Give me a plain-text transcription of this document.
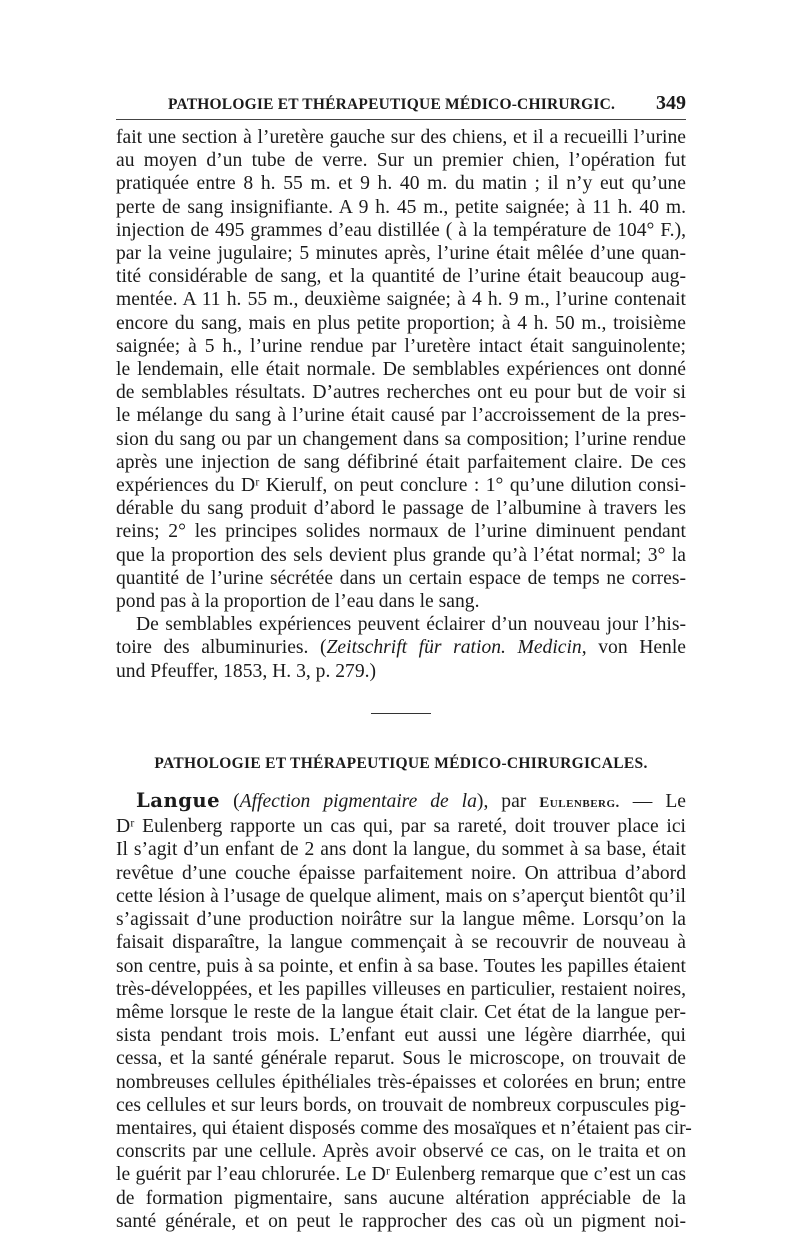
PATHOLOGIE ET THÉRAPEUTIQUE MÉDICO-CHIRURGIC. 349
fait une section à l’uretère gauche sur des chiens, et il a recueilli l’urine
au moyen d’un tube de verre. Sur un premier chien, l’opération fut
pratiquée entre 8 h. 55 m. et 9 h. 40 m. du matin ; il n’y eut qu’une
perte de sang insignifiante. A 9 h. 45 m., petite saignée; à 11 h. 40 m.
injection de 495 grammes d’eau distillée ( à la température de 104° F.),
par la veine jugulaire; 5 minutes après, l’urine était mêlée d’une quan-
tité considérable de sang, et la quantité de l’urine était beaucoup aug-
mentée. A 11 h. 55 m., deuxième saignée; à 4 h. 9 m., l’urine contenait
encore du sang, mais en plus petite proportion; à 4 h. 50 m., troisième
saignée; à 5 h., l’urine rendue par l’uretère intact était sanguinolente;
le lendemain, elle était normale. De semblables expériences ont donné
de semblables résultats. D’autres recherches ont eu pour but de voir si
le mélange du sang à l’urine était causé par l’accroissement de la pres-
sion du sang ou par un changement dans sa composition; l’urine rendue
après une injection de sang défibriné était parfaitement claire. De ces
expériences du Dʳ Kierulf, on peut conclure : 1° qu’une dilution consi-
dérable du sang produit d’abord le passage de l’albumine à travers les
reins; 2° les principes solides normaux de l’urine diminuent pendant
que la proportion des sels devient plus grande qu’à l’état normal; 3° la
quantité de l’urine sécrétée dans un certain espace de temps ne corres-
pond pas à la proportion de l’eau dans le sang.
De semblables expériences peuvent éclairer d’un nouveau jour l’his-
toire des albuminuries. (Zeitschrift für ration. Medicin, von Henle
und Pfeuffer, 1853, H. 3, p. 279.)
PATHOLOGIE ET THÉRAPEUTIQUE MÉDICO-CHIRURGICALES.
Langue (Affection pigmentaire de la), par Eulenberg. — Le
Dʳ Eulenberg rapporte un cas qui, par sa rareté, doit trouver place ici
Il s’agit d’un enfant de 2 ans dont la langue, du sommet à sa base, était
revêtue d’une couche épaisse parfaitement noire. On attribua d’abord
cette lésion à l’usage de quelque aliment, mais on s’aperçut bientôt qu’il
s’agissait d’une production noirâtre sur la langue même. Lorsqu’on la
faisait disparaître, la langue commençait à se recouvrir de nouveau à
son centre, puis à sa pointe, et enfin à sa base. Toutes les papilles étaient
très-développées, et les papilles villeuses en particulier, restaient noires,
même lorsque le reste de la langue était clair. Cet état de la langue per-
sista pendant trois mois. L’enfant eut aussi une légère diarrhée, qui
cessa, et la santé générale reparut. Sous le microscope, on trouvait de
nombreuses cellules épithéliales très-épaisses et colorées en brun; entre
ces cellules et sur leurs bords, on trouvait de nombreux corpuscules pig-
mentaires, qui étaient disposés comme des mosaïques et n’étaient pas cir-
conscrits par une cellule. Après avoir observé ce cas, on le traita et on
le guérit par l’eau chlorurée. Le Dʳ Eulenberg remarque que c’est un cas
de formation pigmentaire, sans aucune altération appréciable de la
santé générale, et on peut le rapprocher des cas où un pigment noi-
